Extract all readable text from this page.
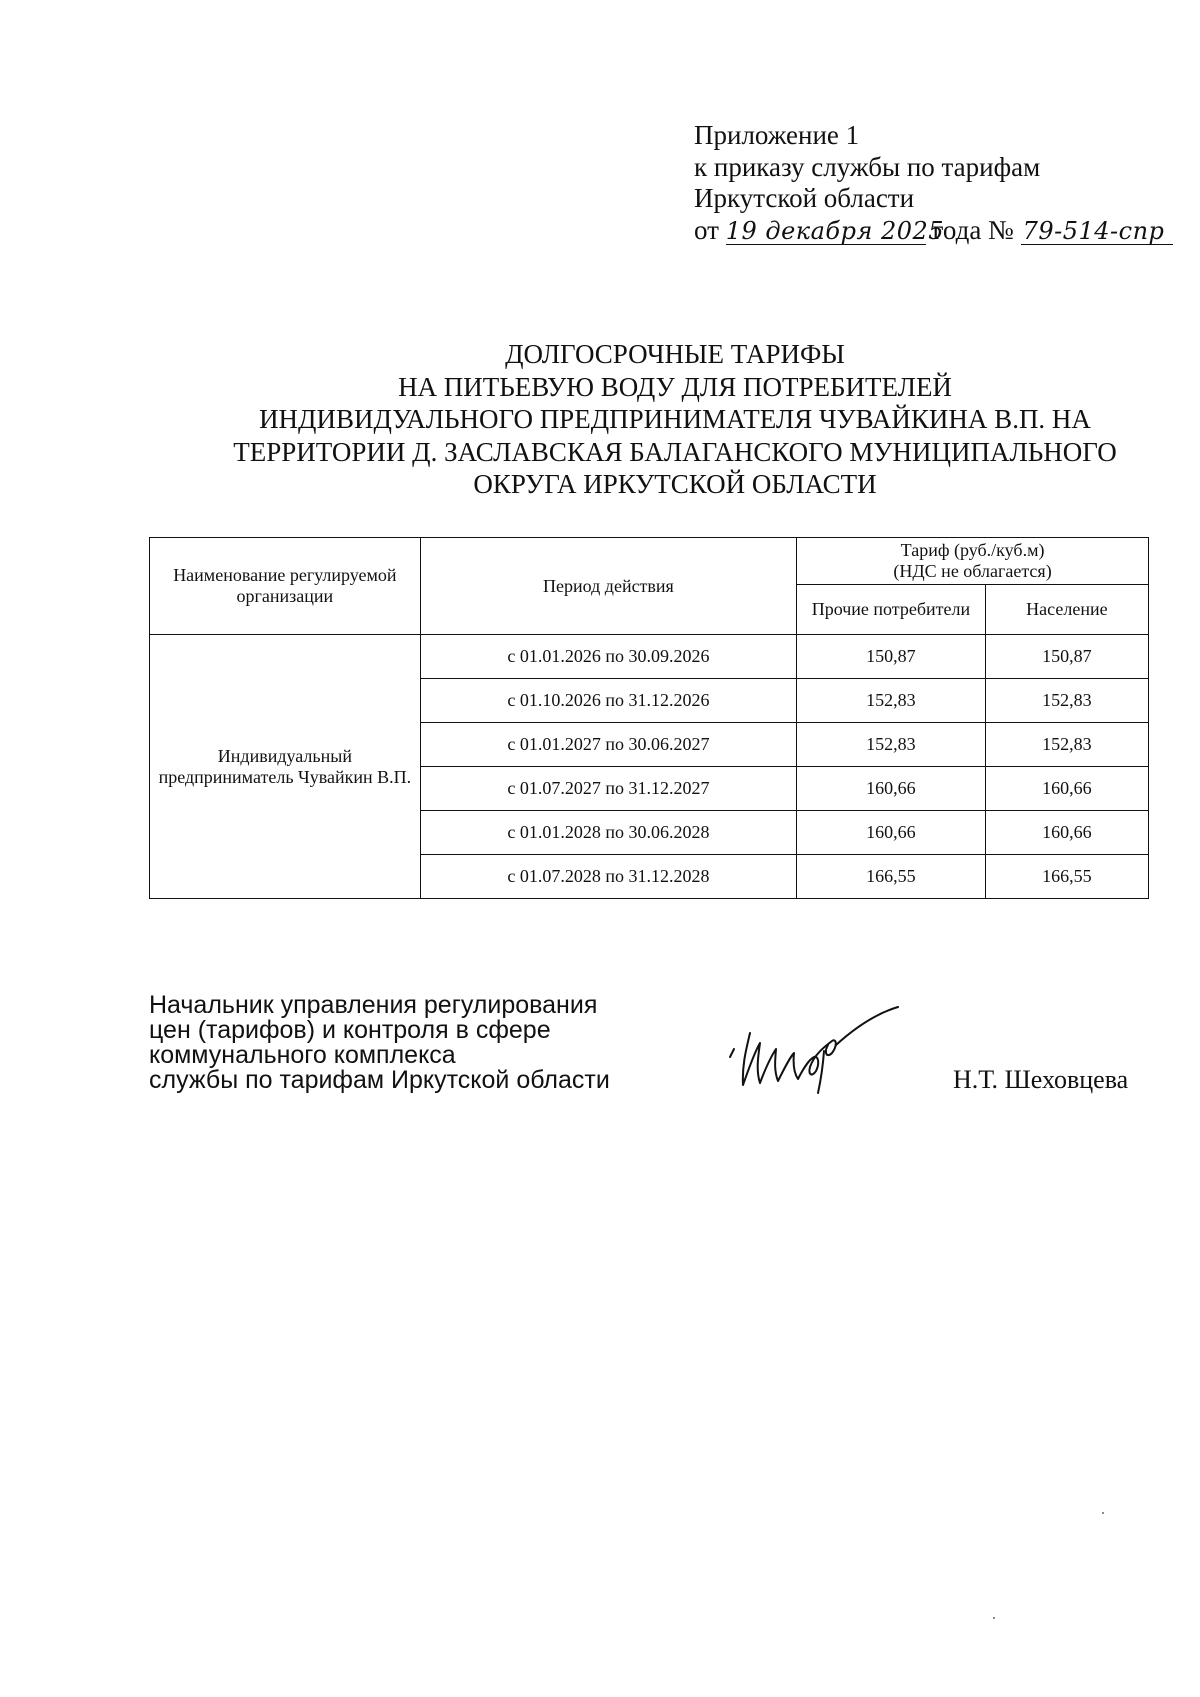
Приложение 1
к приказу службы по тарифам
Иркутской области
от 19 декабря 2025 года № 79-514-спр
ДОЛГОСРОЧНЫЕ ТАРИФЫ
НА ПИТЬЕВУЮ ВОДУ ДЛЯ ПОТРЕБИТЕЛЕЙ
ИНДИВИДУАЛЬНОГО ПРЕДПРИНИМАТЕЛЯ ЧУВАЙКИНА В.П. НА
ТЕРРИТОРИИ Д. ЗАСЛАВСКАЯ БАЛАГАНСКОГО МУНИЦИПАЛЬНОГО
ОКРУГА ИРКУТСКОЙ ОБЛАСТИ
Наименование регулируемой организации	Период действия	Тариф (руб./куб.м)
(НДС не облагается)	

		Прочие потребители	Население
Индивидуальный предприниматель Чувайкин В.П.	с 01.01.2026 по 30.09.2026	150,87	150,87
	с 01.10.2026 по 31.12.2026	152,83	152,83
	с 01.01.2027 по 30.06.2027	152,83	152,83
	с 01.07.2027 по 31.12.2027	160,66	160,66
	с 01.01.2028 по 30.06.2028	160,66	160,66
	с 01.07.2028 по 31.12.2028	166,55	166,55
Начальник управления регулирования
цен (тарифов) и контроля в сфере
коммунального комплекса
службы по тарифам Иркутской области	Н.Т. Шеховцева
